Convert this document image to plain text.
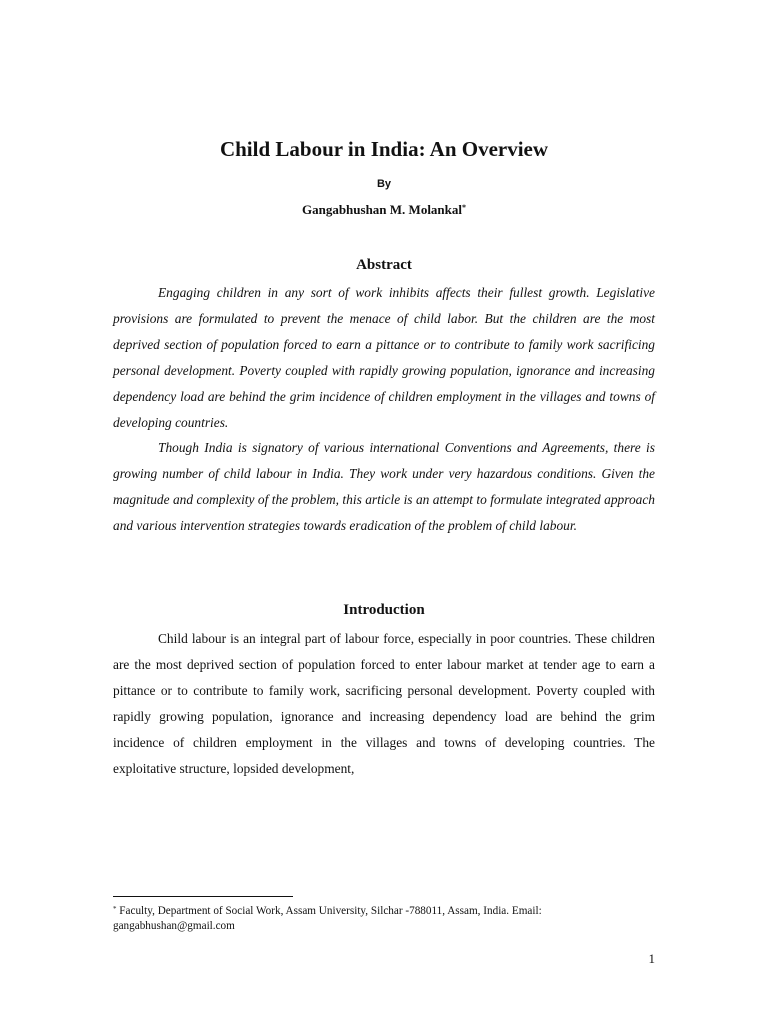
Child Labour in India: An Overview
By
Gangabhushan M. Molankal*
Abstract

Engaging children in any sort of work inhibits affects their fullest growth. Legislative provisions are formulated to prevent the menace of child labor. But the children are the most deprived section of population forced to earn a pittance or to contribute to family work sacrificing personal development. Poverty coupled with rapidly growing population, ignorance and increasing dependency load are behind the grim incidence of children employment in the villages and towns of developing countries.

Though India is signatory of various international Conventions and Agreements, there is growing number of child labour in India. They work under very hazardous conditions. Given the magnitude and complexity of the problem, this article is an attempt to formulate integrated approach and various intervention strategies towards eradication of the problem of child labour.

Introduction

Child labour is an integral part of labour force, especially in poor countries. These children are the most deprived section of population forced to enter labour market at tender age to earn a pittance or to contribute to family work, sacrificing personal development. Poverty coupled with rapidly growing population, ignorance and increasing dependency load are behind the grim incidence of children employment in the villages and towns of developing countries. The exploitative structure, lopsided development,

* Faculty, Department of Social Work, Assam University, Silchar -788011, Assam, India. Email: gangabhushan@gmail.com
1
